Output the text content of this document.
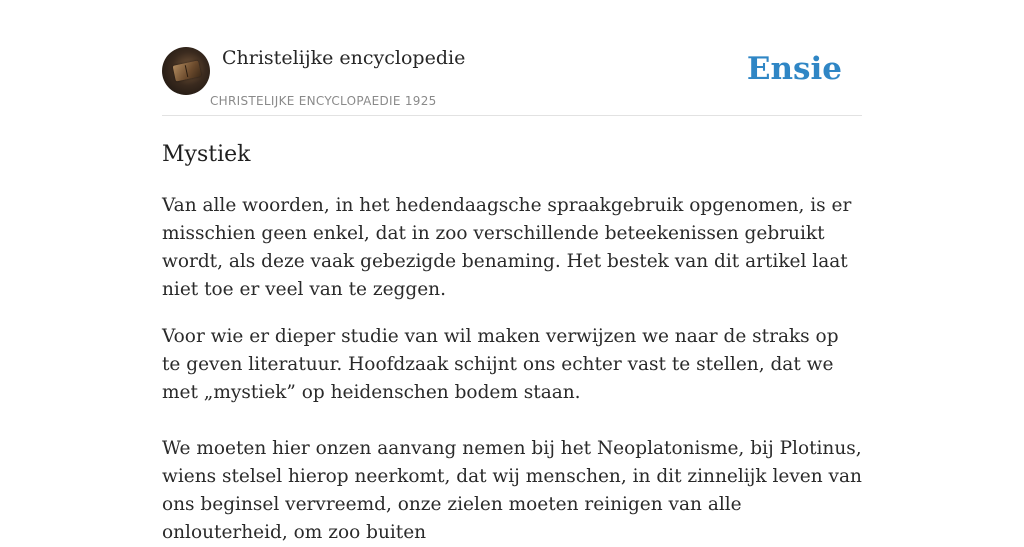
Christelijke encyclopedie
CHRISTELIJKE ENCYCLOPAEDIE 1925
Ensie
Mystiek

Van alle woorden, in het hedendaagsche spraakgebruik opgenomen, is er misschien geen enkel, dat in zoo verschillende beteekenissen gebruikt wordt, als deze vaak gebezigde benaming. Het bestek van dit artikel laat niet toe er veel van te zeggen.

Voor wie er dieper studie van wil maken verwijzen we naar de straks op te geven literatuur. Hoofdzaak schijnt ons echter vast te stellen, dat we met „mystiek” op heidenschen bodem staan.

We moeten hier onzen aanvang nemen bij het Neoplatonisme, bij Plotinus, wiens stelsel hierop neerkomt, dat wij menschen, in dit zinnelijk leven van ons beginsel vervreemd, onze zielen moeten reinigen van alle onlouterheid, om zoo buiten
